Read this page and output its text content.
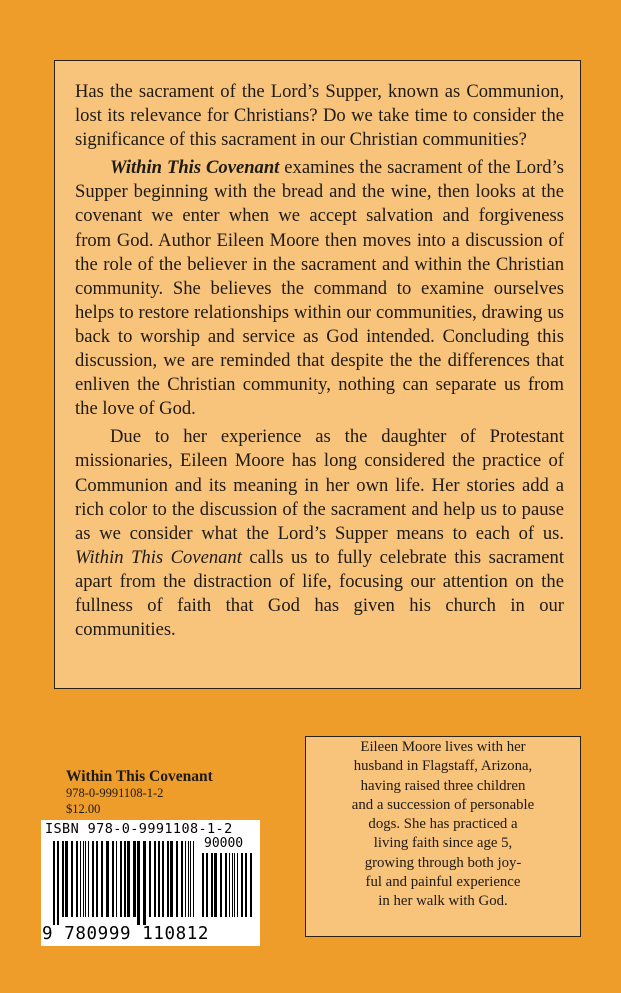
Has the sacrament of the Lord’s Supper, known as Communion, lost its relevance for Christians? Do we take time to consider the significance of this sacrament in our Christian communities?

Within This Covenant examines the sacrament of the Lord’s Supper beginning with the bread and the wine, then looks at the covenant we enter when we accept salvation and forgiveness from God. Author Eileen Moore then moves into a discussion of the role of the believer in the sacrament and within the Christian community. She believes the command to examine ourselves helps to restore relationships within our communities, drawing us back to worship and service as God intended. Concluding this discussion, we are reminded that despite the the differences that enliven the Christian community, nothing can separate us from the love of God.

Due to her experience as the daughter of Protestant missionaries, Eileen Moore has long considered the practice of Communion and its meaning in her own life. Her stories add a rich color to the discussion of the sacrament and help us to pause as we consider what the Lord’s Supper means to each of us. Within This Covenant calls us to fully celebrate this sacrament apart from the distraction of life, focusing our attention on the fullness of faith that God has given his church in our communities.

Within This Covenant
978-0-9991108-1-2
$12.00
ISBN 978-0-9991108-1-2
90000
9 780999 110812
Eileen Moore lives with her
husband in Flagstaff, Arizona,
having raised three children
and a succession of personable
dogs. She has practiced a
living faith since age 5,
growing through both joy-
ful and painful experience
in her walk with God.
